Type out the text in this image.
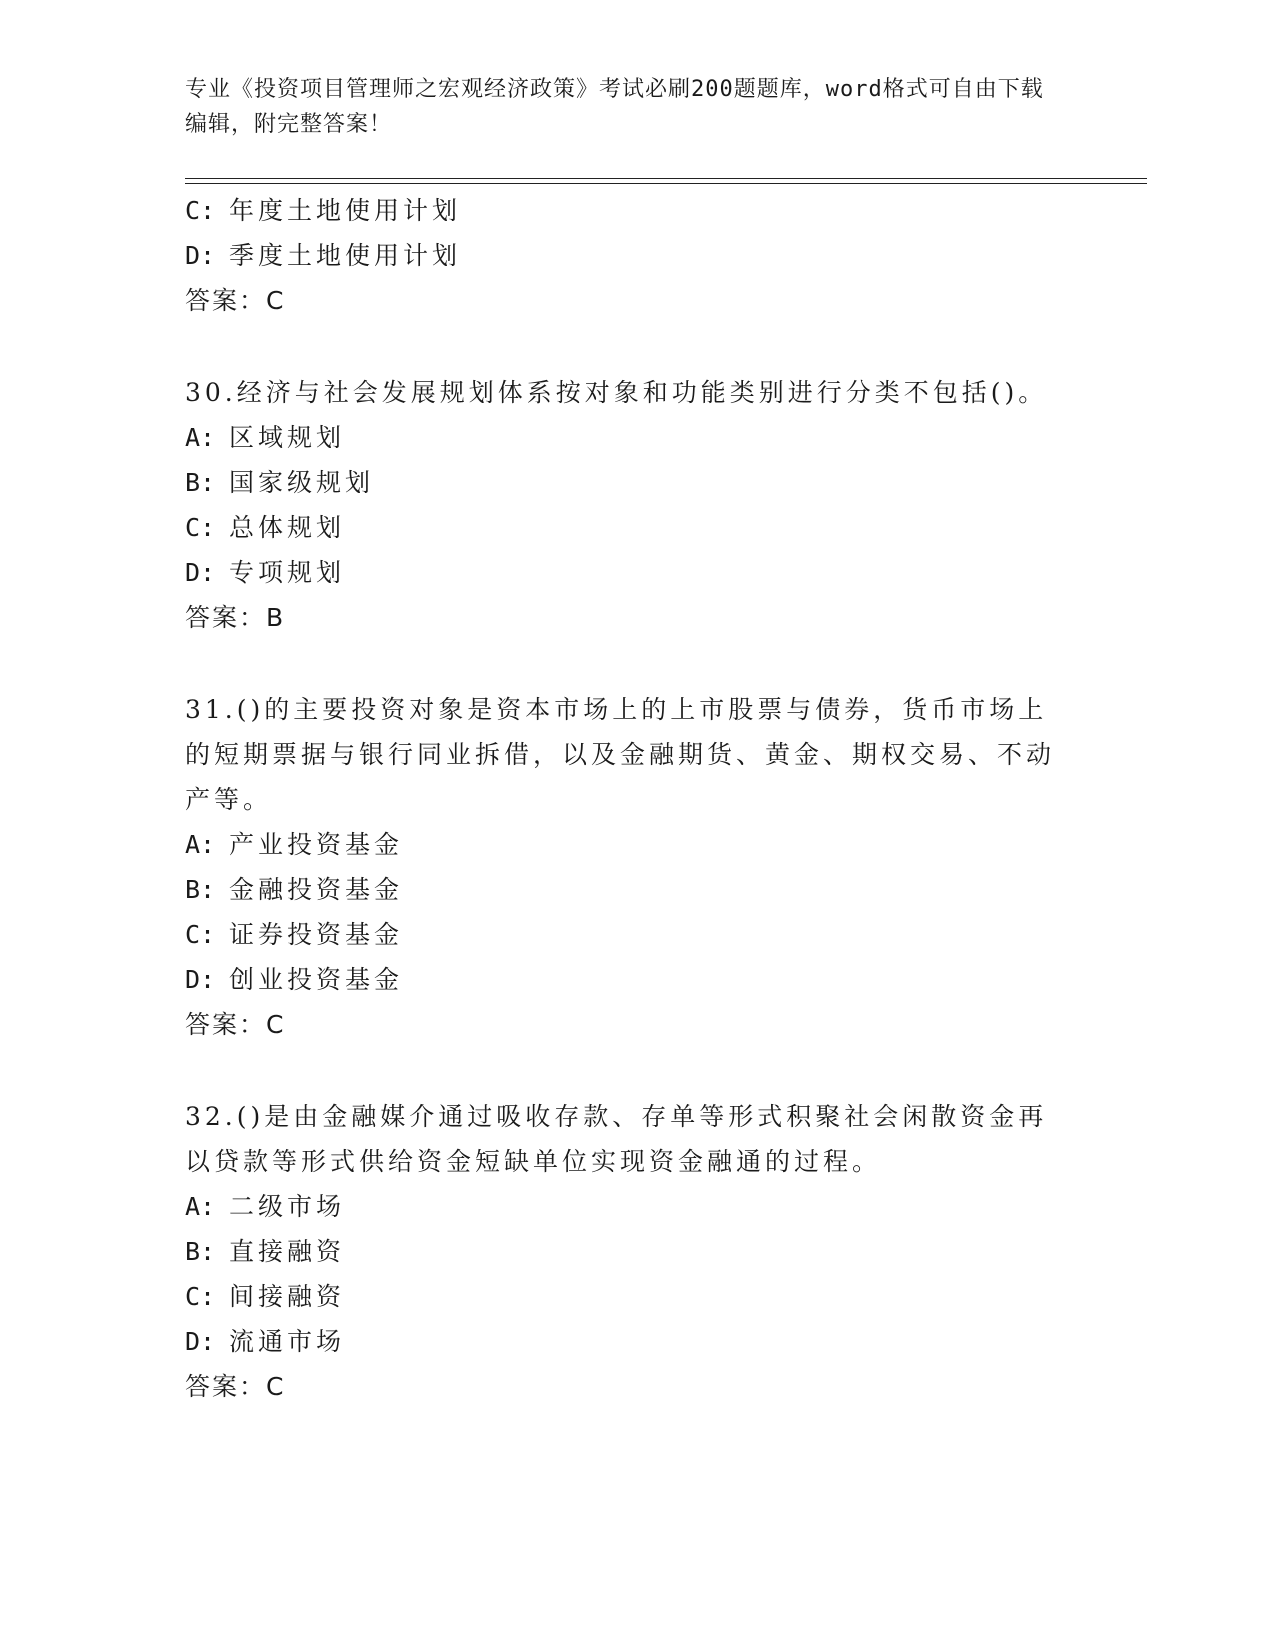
专业《投资项目管理师之宏观经济政策》考试必刷200题题库，word格式可自由下载编辑，附完整答案！

C: 年度土地使用计划
D: 季度土地使用计划
答案：C

30.经济与社会发展规划体系按对象和功能类别进行分类不包括()。

A: 区域规划
B: 国家级规划
C: 总体规划
D: 专项规划
答案：B

31.()的主要投资对象是资本市场上的上市股票与债券，货币市场上的短期票据与银行同业拆借，以及金融期货、黄金、期权交易、不动产等。

A: 产业投资基金
B: 金融投资基金
C: 证券投资基金
D: 创业投资基金
答案：C

32.()是由金融媒介通过吸收存款、存单等形式积聚社会闲散资金再以贷款等形式供给资金短缺单位实现资金融通的过程。

A: 二级市场
B: 直接融资
C: 间接融资
D: 流通市场
答案：C
